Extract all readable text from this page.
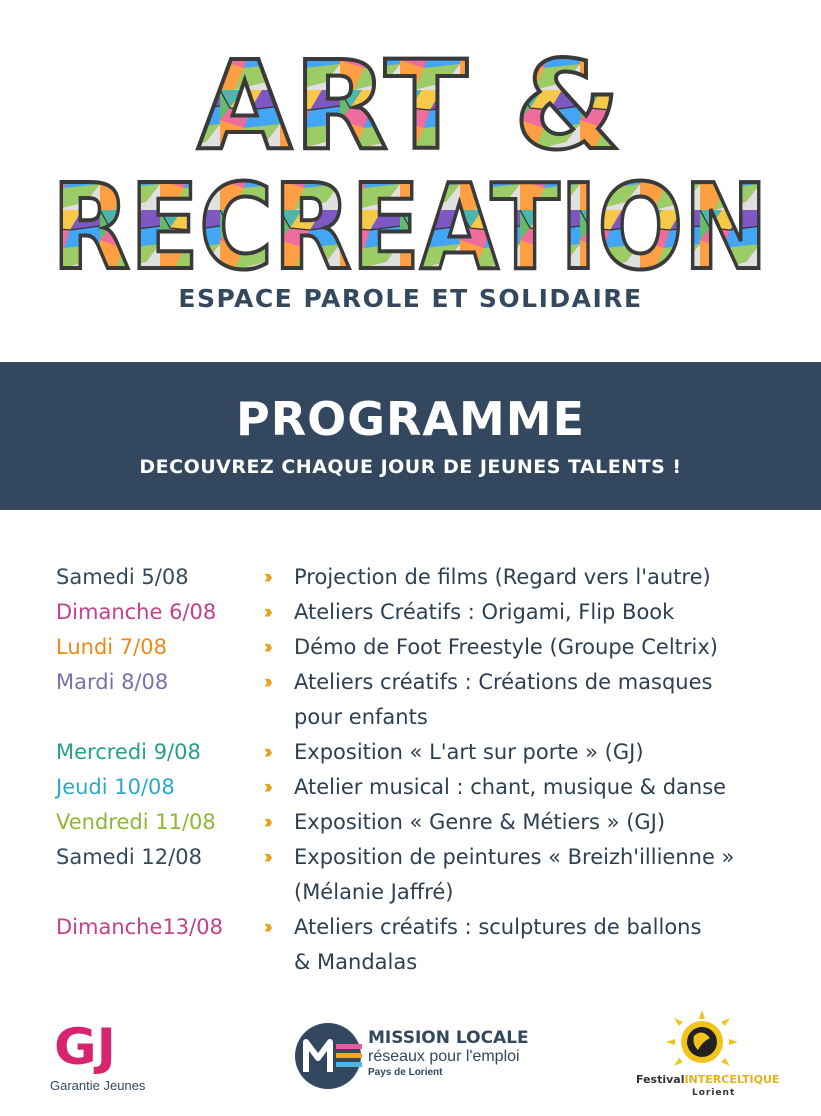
ART &
RECREATION
ESPACE PAROLE ET SOLIDAIRE
PROGRAMME
DECOUVREZ CHAQUE JOUR DE JEUNES TALENTS !
Samedi 5/08	››	Projection de films (Regard vers l'autre)
Dimanche 6/08	››	Ateliers Créatifs : Origami, Flip Book
Lundi 7/08	››	Démo de Foot Freestyle (Groupe Celtrix)
Mardi 8/08	››	Ateliers créatifs : Créations de masques
pour enfants
Mercredi 9/08	››	Exposition « L'art sur porte » (GJ)
Jeudi 10/08	››	Atelier musical : chant, musique & danse
Vendredi 11/08	››	Exposition « Genre & Métiers » (GJ)
Samedi 12/08	››	Exposition de peintures « Breizh'illienne »
(Mélanie Jaffré)
Dimanche13/08	››	Ateliers créatifs : sculptures de ballons
& Mandalas
GJ
Garantie Jeunes
MISSION LOCALE
réseaux pour l'emploi
Pays de Lorient
FestivalINTERCELTIQUE
Lorient
